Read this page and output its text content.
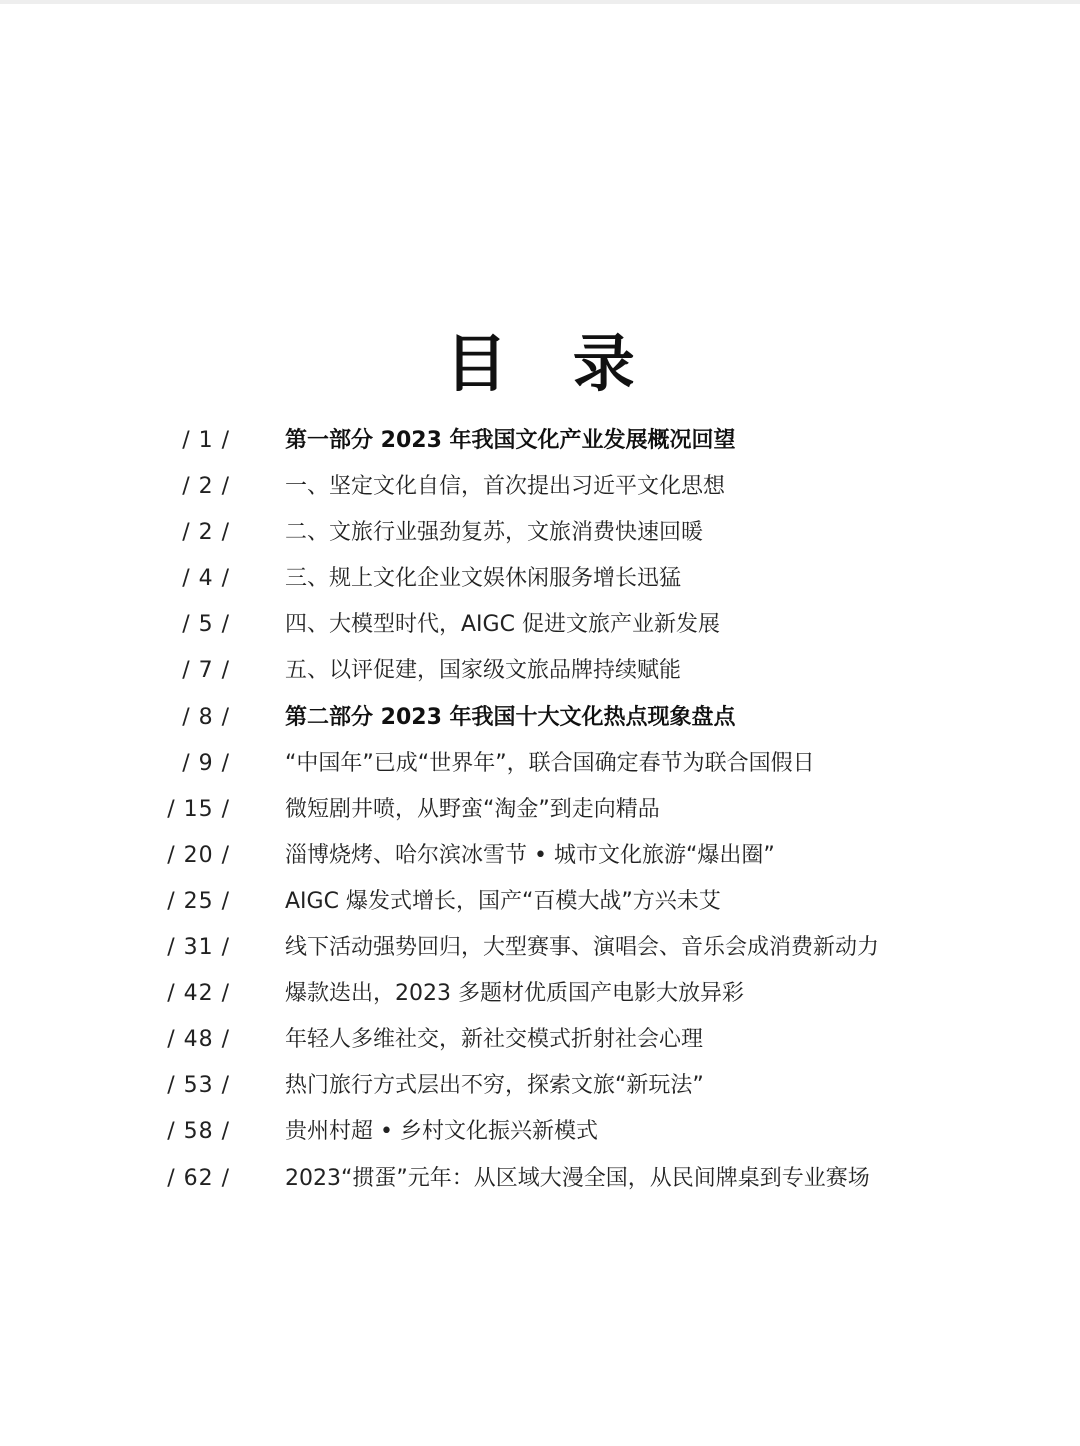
目 录
/ 1 /	第一部分 2023 年我国文化产业发展概况回望
/ 2 /	一、坚定文化自信，首次提出习近平文化思想
/ 2 /	二、文旅行业强劲复苏，文旅消费快速回暖
/ 4 /	三、规上文化企业文娱休闲服务增长迅猛
/ 5 /	四、大模型时代，AIGC 促进文旅产业新发展
/ 7 /	五、以评促建，国家级文旅品牌持续赋能
/ 8 /	第二部分 2023 年我国十大文化热点现象盘点
/ 9 /	“中国年”已成“世界年”，联合国确定春节为联合国假日
/ 15 /	微短剧井喷，从野蛮“淘金”到走向精品
/ 20 /	淄博烧烤、哈尔滨冰雪节 • 城市文化旅游“爆出圈”
/ 25 /	AIGC 爆发式增长，国产“百模大战”方兴未艾
/ 31 /	线下活动强势回归，大型赛事、演唱会、音乐会成消费新动力
/ 42 /	爆款迭出，2023 多题材优质国产电影大放异彩
/ 48 /	年轻人多维社交，新社交模式折射社会心理
/ 53 /	热门旅行方式层出不穷，探索文旅“新玩法”
/ 58 /	贵州村超 • 乡村文化振兴新模式
/ 62 /	2023“掼蛋”元年：从区域大漫全国，从民间牌桌到专业赛场
